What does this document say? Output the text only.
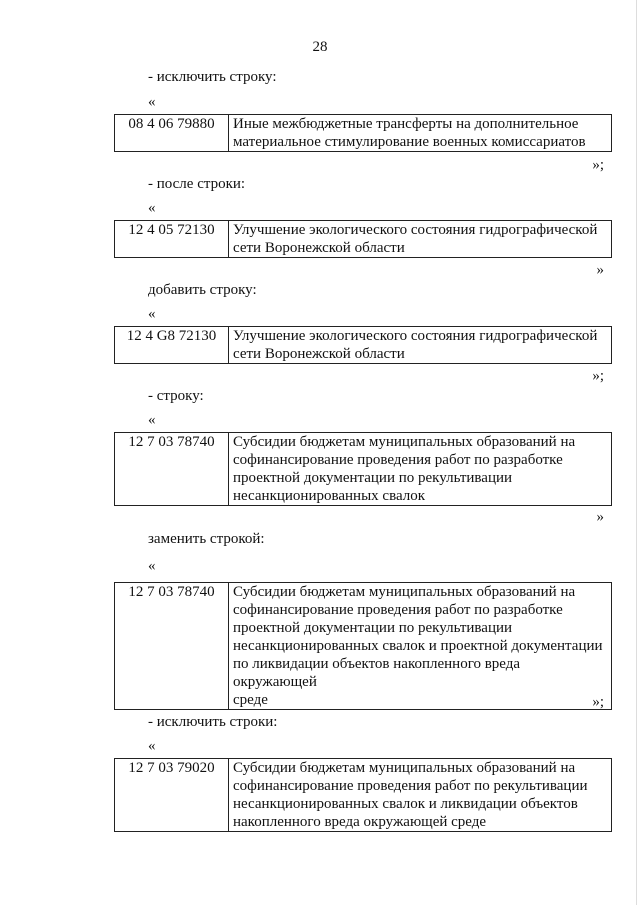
28
- исключить строку:
«
08 4 06 79880	Иные межбюджетные трансферты на дополнительное
материальное стимулирование военных комиссариатов
»;
- после строки:
«
12 4 05 72130	Улучшение экологического состояния гидрографической
сети Воронежской области
»
добавить строку:
«
12 4 G8 72130	Улучшение экологического состояния гидрографической
сети Воронежской области
»;
- строку:
«
12 7 03 78740	Субсидии бюджетам муниципальных образований на
софинансирование проведения работ по разработке
проектной документации по рекультивации
несанкционированных свалок
»
заменить строкой:
«
12 7 03 78740	Субсидии бюджетам муниципальных образований на
софинансирование проведения работ по разработке
проектной документации по рекультивации
несанкционированных свалок и проектной документации
по ликвидации объектов накопленного вреда окружающей
среде	»;
- исключить строки:
«
12 7 03 79020	Субсидии бюджетам муниципальных образований на
софинансирование проведения работ по рекультивации
несанкционированных свалок и ликвидации объектов
накопленного вреда окружающей среде
